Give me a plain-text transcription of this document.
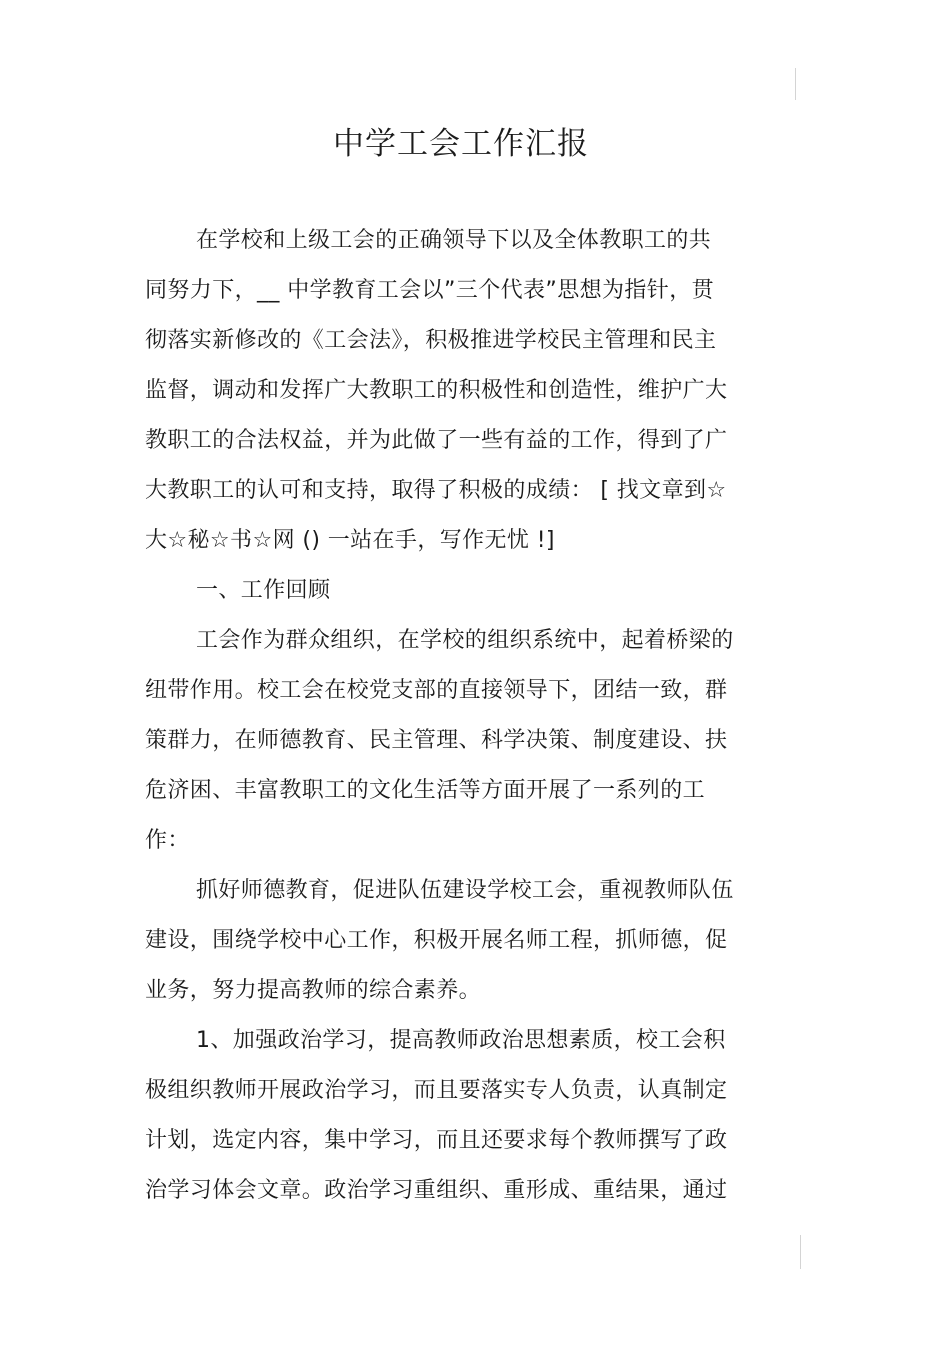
中学工会工作汇报
在学校和上级工会的正确领导下以及全体教职工的共
同努力下，__ 中学教育工会以”三个代表”思想为指针，贯
彻落实新修改的《工会法》，积极推进学校民主管理和民主
监督，调动和发挥广大教职工的积极性和创造性，维护广大
教职工的合法权益，并为此做了一些有益的工作，得到了广
大教职工的认可和支持，取得了积极的成绩： [ 找文章到☆
大☆秘☆书☆网 () 一站在手，写作无忧 !]
一、工作回顾
工会作为群众组织，在学校的组织系统中，起着桥梁的
纽带作用。校工会在校党支部的直接领导下，团结一致，群
策群力，在师德教育、民主管理、科学决策、制度建设、扶
危济困、丰富教职工的文化生活等方面开展了一系列的工
作：
抓好师德教育，促进队伍建设学校工会，重视教师队伍
建设，围绕学校中心工作，积极开展名师工程，抓师德，促
业务，努力提高教师的综合素养。
1、加强政治学习，提高教师政治思想素质，校工会积
极组织教师开展政治学习，而且要落实专人负责，认真制定
计划，选定内容，集中学习，而且还要求每个教师撰写了政
治学习体会文章。政治学习重组织、重形成、重结果，通过
